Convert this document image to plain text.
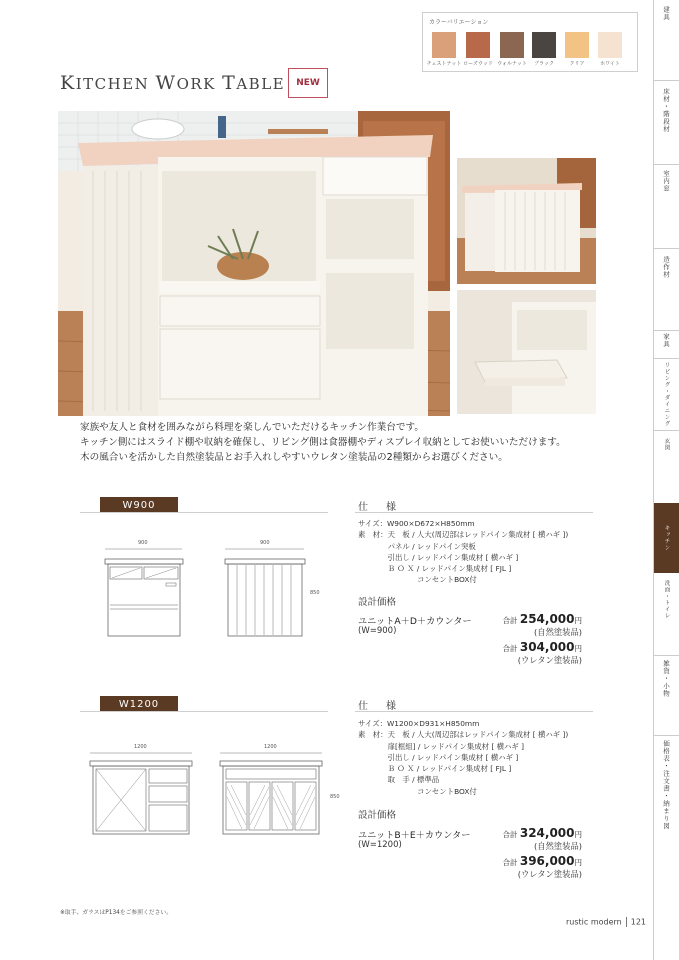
カラーバリエーション
チェストナット ローズウッド ウォルナット	ブラック	クリア	ホワイト
KITCHEN WORK TABLE	NEW
家族や友人と食材を囲みながら料理を楽しんでいただけるキッチン作業台です。
キッチン側にはスライド棚や収納を確保し、リビング側は食器棚やディスプレイ収納としてお使いいただけます。
木の風合いを活かした自然塗装品とお手入れしやすいウレタン塗装品の2種類からお選びください。
建具
床材・階段材
室内窓
造作材
家具
リビング・ダイニング
玄関
キッチン
洗面・トイレ
雑貨・小物
価格表・注文書・納まり図
W900
900	900
850
仕　様
サイズ：W900×D672×H850mm
素　材：天　板 / 人大(周辺部はレッドパイン集成材 [ 横ハギ ])
　　　　パネル / レッドパイン突板
　　　　引出し / レッドパイン集成材 [ 横ハギ ]
　　　　Ｂ Ｏ Ｘ / レッドパイン集成材 [ FJL ]
　　　　　　　　コンセントBOX付
設計価格
ユニットA＋D＋カウンター
(W=900)
合計 254,000円
(自然塗装品)
合計 304,000円
(ウレタン塗装品)
W1200
1200	1200
850
仕　様
サイズ：W1200×D931×H850mm
素　材：天　板 / 人大(周辺部はレッドパイン集成材 [ 横ハギ ])
　　　　扉[框組] / レッドパイン集成材 [ 横ハギ ]
　　　　引出し / レッドパイン集成材 [ 横ハギ ]
　　　　Ｂ Ｏ Ｘ / レッドパイン集成材 [ FJL ]
　　　　取　手 / 標準品
　　　　　　　　コンセントBOX付
設計価格
ユニットB＋E＋カウンター
(W=1200)
合計 324,000円
(自然塗装品)
合計 396,000円
(ウレタン塗装品)
※取手、ガラスはP134をご参照ください。
rustic modern 121
